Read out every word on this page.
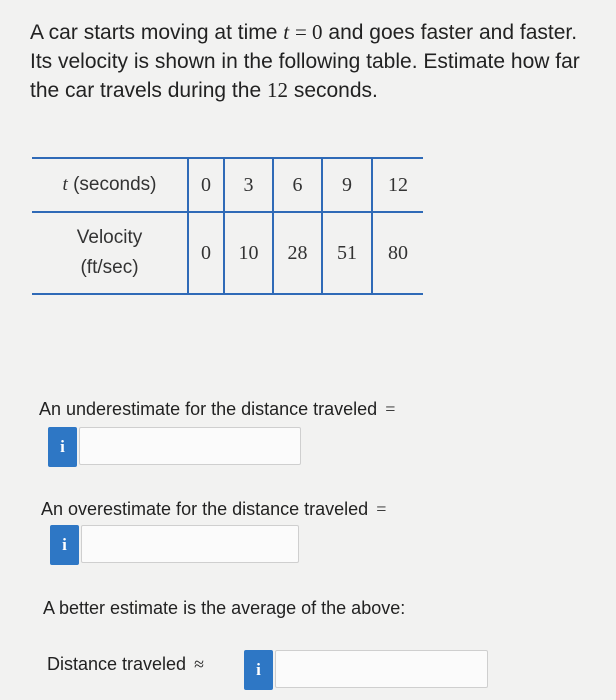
A car starts moving at time t = 0 and goes faster and faster. Its velocity is shown in the following table. Estimate how far the car travels during the 12 seconds.
t (seconds)	0	3	6	9	12

Velocity
(ft/sec)	0	10	28	51	80
An underestimate for the distance traveled =
i
An overestimate for the distance traveled =
i
A better estimate is the average of the above:
Distance traveled ≈	i
